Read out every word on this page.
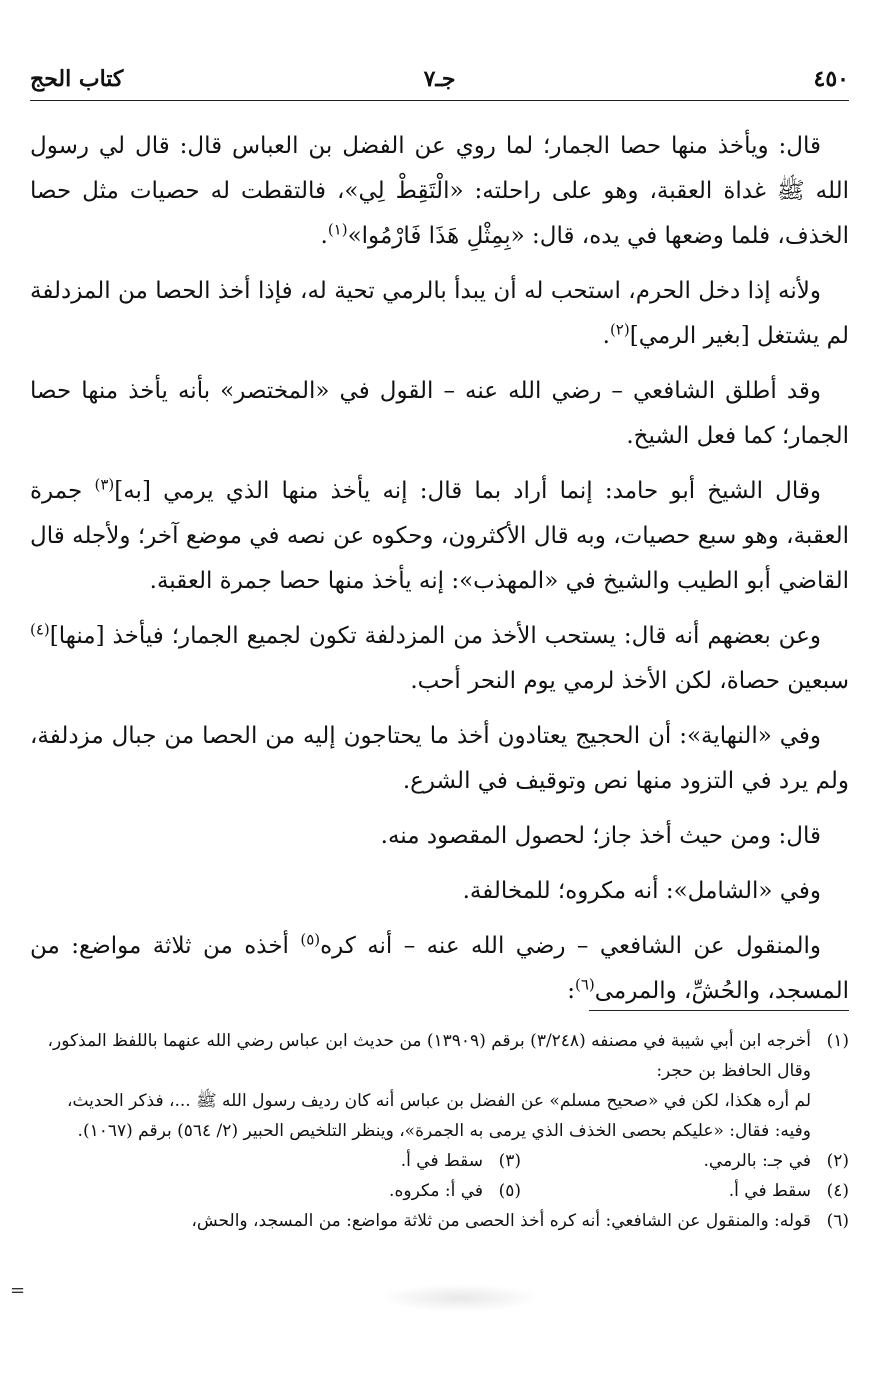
٤٥٠
جـ٧
كتاب الحج

قال: ويأخذ منها حصا الجمار؛ لما روي عن الفضل بن العباس قال: قال لي رسول الله ﷺ غداة العقبة، وهو على راحلته: «الْتَقِطْ لِي»، فالتقطت له حصيات مثل حصا الخذف، فلما وضعها في يده، قال: «بِمِثْلِ هَذَا فَارْمُوا»$^{(١)}$.

ولأنه إذا دخل الحرم، استحب له أن يبدأ بالرمي تحية له، فإذا أخذ الحصا من المزدلفة لم يشتغل [بغير الرمي]$^{(٢)}$.

وقد أطلق الشافعي – رضي الله عنه – القول في «المختصر» بأنه يأخذ منها حصا الجمار؛ كما فعل الشيخ.

وقال الشيخ أبو حامد: إنما أراد بما قال: إنه يأخذ منها الذي يرمي [به]$^{(٣)}$ جمرة العقبة، وهو سبع حصيات، وبه قال الأكثرون، وحكوه عن نصه في موضع آخر؛ ولأجله قال القاضي أبو الطيب والشيخ في «المهذب»: إنه يأخذ منها حصا جمرة العقبة.

وعن بعضهم أنه قال: يستحب الأخذ من المزدلفة تكون لجميع الجمار؛ فيأخذ [منها]$^{(٤)}$ سبعين حصاة، لكن الأخذ لرمي يوم النحر أحب.

وفي «النهاية»: أن الحجيج يعتادون أخذ ما يحتاجون إليه من الحصا من جبال مزدلفة، ولم يرد في التزود منها نص وتوقيف في الشرع.

قال: ومن حيث أخذ جاز؛ لحصول المقصود منه.

وفي «الشامل»: أنه مكروه؛ للمخالفة.

والمنقول عن الشافعي – رضي الله عنه – أنه كره$^{(٥)}$ أخذه من ثلاثة مواضع: من المسجد، والحُشِّ، والمرمى$^{(٦)}$:

(١)
أخرجه ابن أبي شيبة في مصنفه (٣/٢٤٨) برقم (١٣٩٠٩) من حديث ابن عباس رضي الله عنهما باللفظ المذكور، وقال الحافظ بن حجر:

لم أره هكذا، لكن في «صحيح مسلم» عن الفضل بن عباس أنه كان رديف رسول الله ﷺ ...، فذكر الحديث، وفيه: فقال: «عليكم بحصى الخذف الذي يرمى به الجمرة»، وينظر التلخيص الحبير (٢/ ٥٦٤) برقم (١٠٦٧).

(٢)
في جـ: بالرمي.
(٣)
سقط في أ.
(٤)
سقط في أ.
(٥)
في أ: مكروه.

(٦)
قوله: والمنقول عن الشافعي: أنه كره أخذ الحصى من ثلاثة مواضع: من المسجد، والحش،

=
